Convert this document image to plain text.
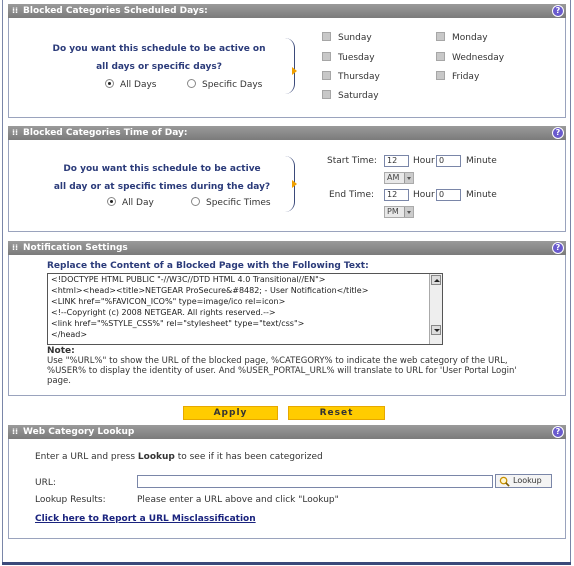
⁞⁞ Blocked Categories Scheduled Days:	?
Do you want this schedule to be active on
all days or specific days?
All Days	Specific Days
Sunday	Monday
Tuesday	Wednesday
Thursday	Friday
Saturday
⁞⁞ Blocked Categories Time of Day:	?
Do you want this schedule to be active
all day or at specific times during the day?
All Day	Specific Times
Start Time:	12	Hour 0	Minute
AM
End Time:	12	Hour 0	Minute
PM
⁞⁞ Notification Settings	?
Replace the Content of a Blocked Page with the Following Text:
<!DOCTYPE HTML PUBLIC "-//W3C//DTD HTML 4.0 Transitional//EN">
<html><head><title>NETGEAR ProSecure&#8482; - User Notification</title>
<LINK href="%FAVICON_ICO%" type=image/ico rel=icon>
<!--Copyright (c) 2008 NETGEAR. All rights reserved.-->
<link href="%STYLE_CSS%" rel="stylesheet" type="text/css">
</head>
Note:
Use "%URL%" to show the URL of the blocked page, %CATEGORY% to indicate the web category of the URL,
%USER% to display the identity of user. And %USER_PORTAL_URL% will translate to URL for 'User Portal Login'
page.
Apply	Reset
⁞⁞ Web Category Lookup	?
Enter a URL and press Lookup to see if it has been categorized
URL:	Lookup
Lookup Results:	Please enter a URL above and click "Lookup"
Click here to Report a URL Misclassification
